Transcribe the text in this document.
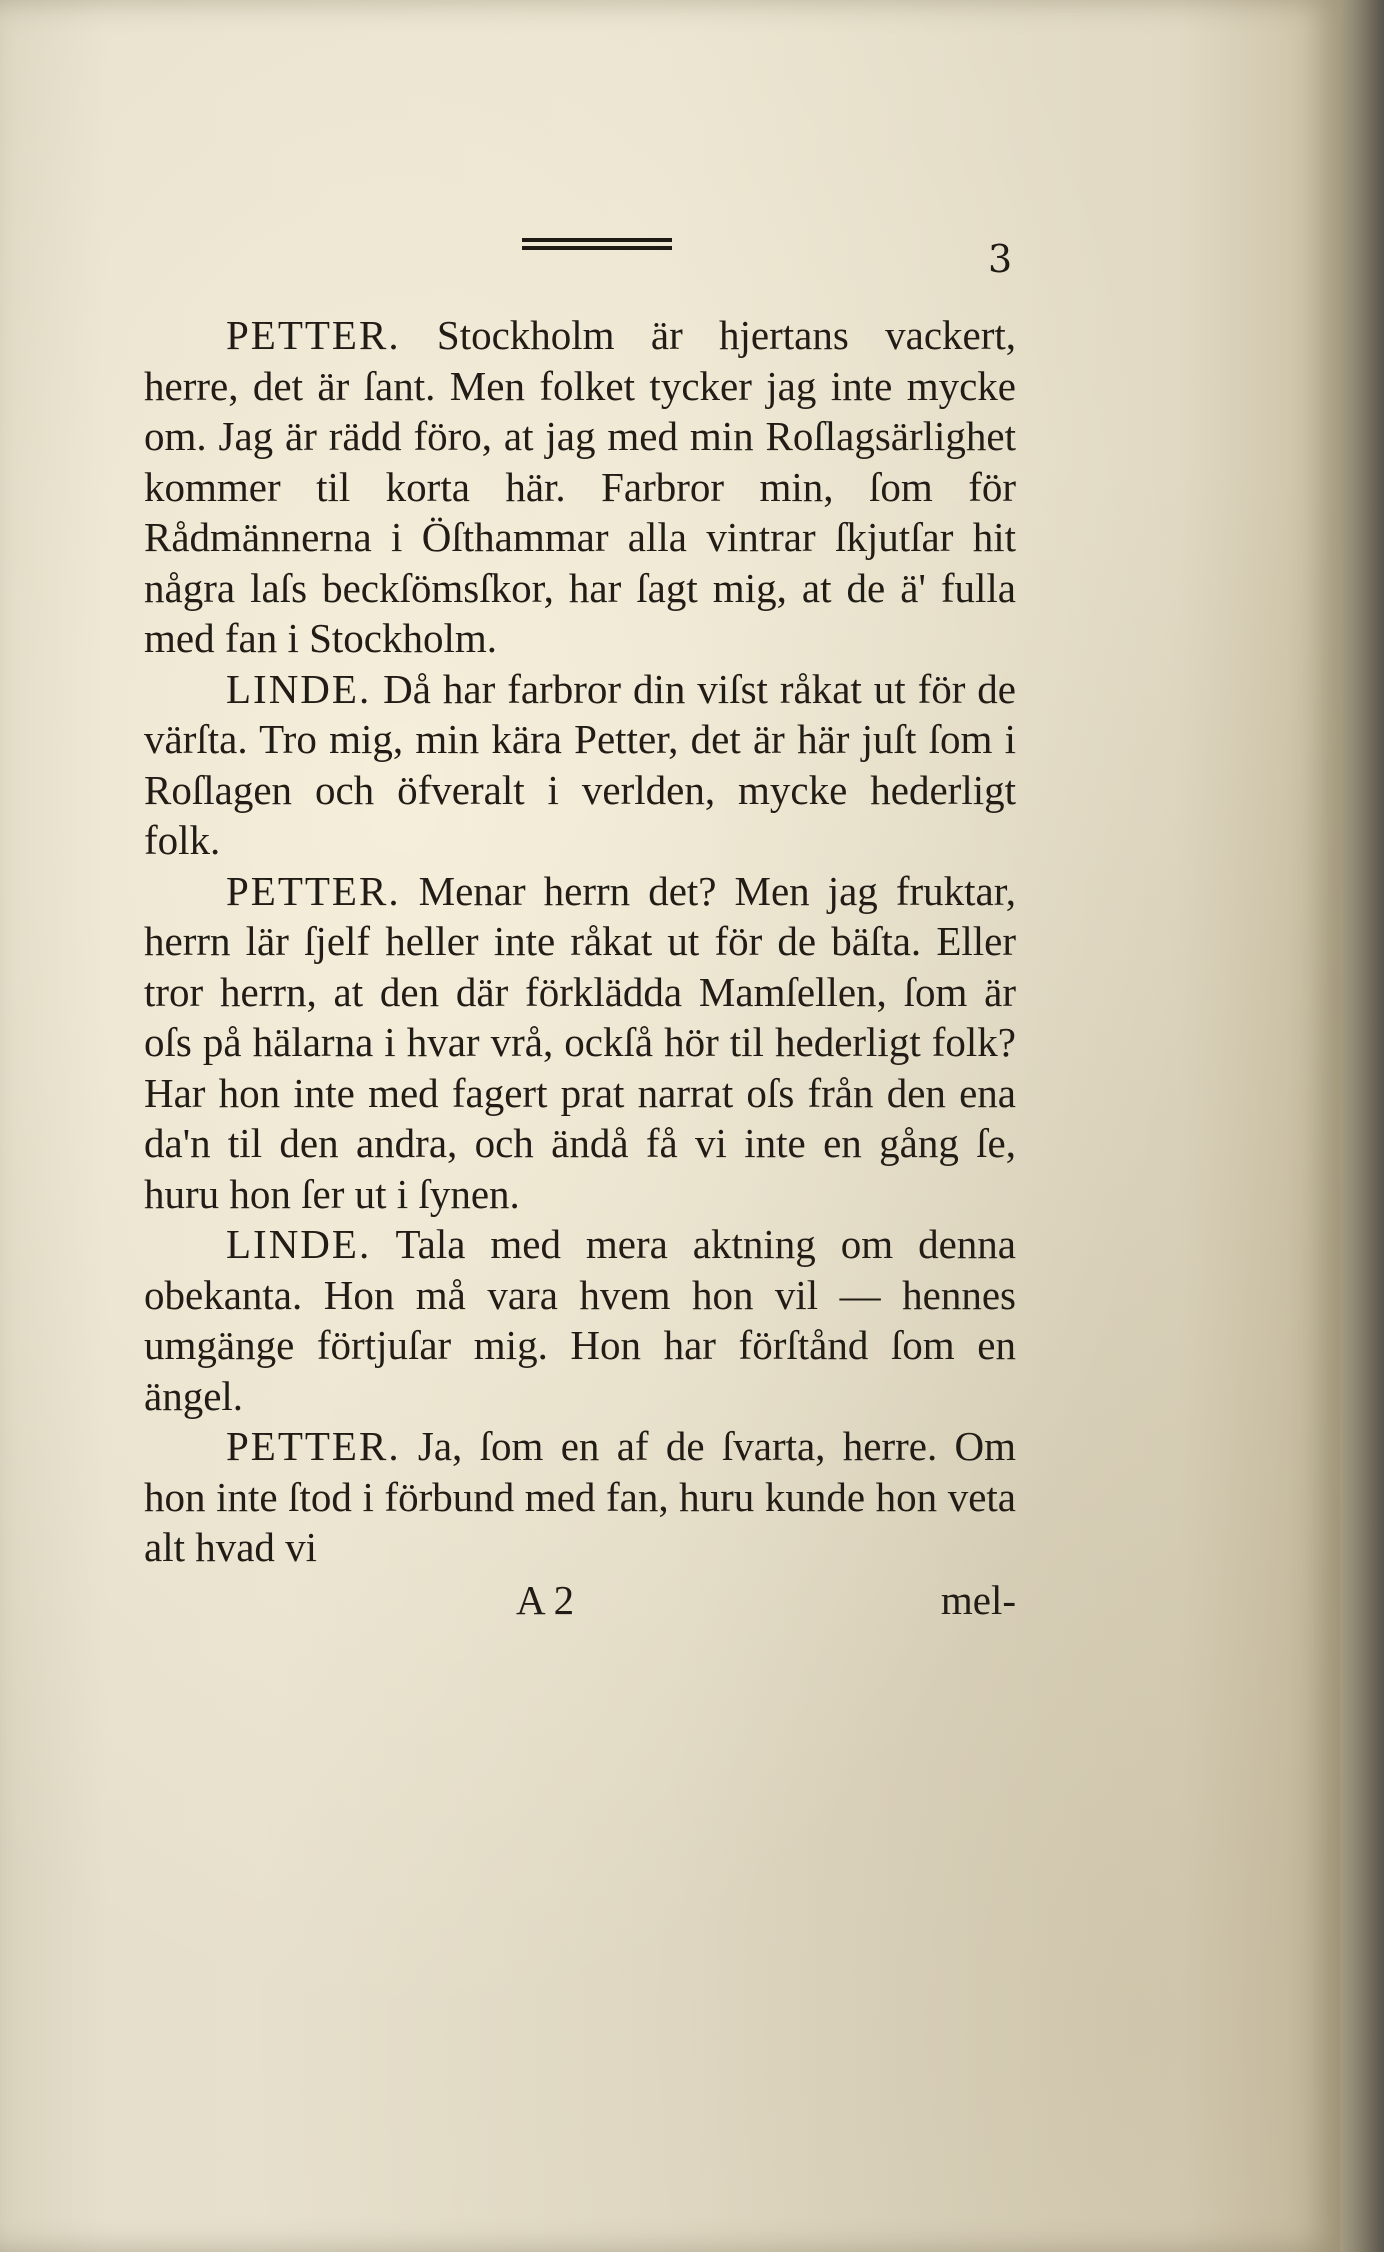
3

PETTER. Stockholm är hjertans vackert, herre, det är ſant. Men folket tycker jag inte mycke om. Jag är rädd föro, at jag med min Roſlagsärlighet kommer til korta här. Farbror min, ſom för Rådmännerna i Öſthammar alla vintrar ſkjutſar hit några laſs beckſömsſkor, har ſagt mig, at de ä' fulla med fan i Stockholm.

LINDE. Då har farbror din viſst råkat ut för de värſta. Tro mig, min kära Petter, det är här juſt ſom i Roſlagen och öfveralt i verlden, mycke hederligt folk.

PETTER. Menar herrn det? Men jag fruktar, herrn lär ſjelf heller inte råkat ut för de bäſta. Eller tror herrn, at den där förklädda Mamſellen, ſom är oſs på hälarna i hvar vrå, ockſå hör til hederligt folk? Har hon inte med fagert prat narrat oſs från den ena da'n til den andra, och ändå få vi inte en gång ſe, huru hon ſer ut i ſynen.

LINDE. Tala med mera aktning om denna obekanta. Hon må vara hvem hon vil — hennes umgänge förtjuſar mig. Hon har förſtånd ſom en ängel.

PETTER. Ja, ſom en af de ſvarta, herre. Om hon inte ſtod i förbund med fan, huru kunde hon veta alt hvad vi

A 2	mel-
